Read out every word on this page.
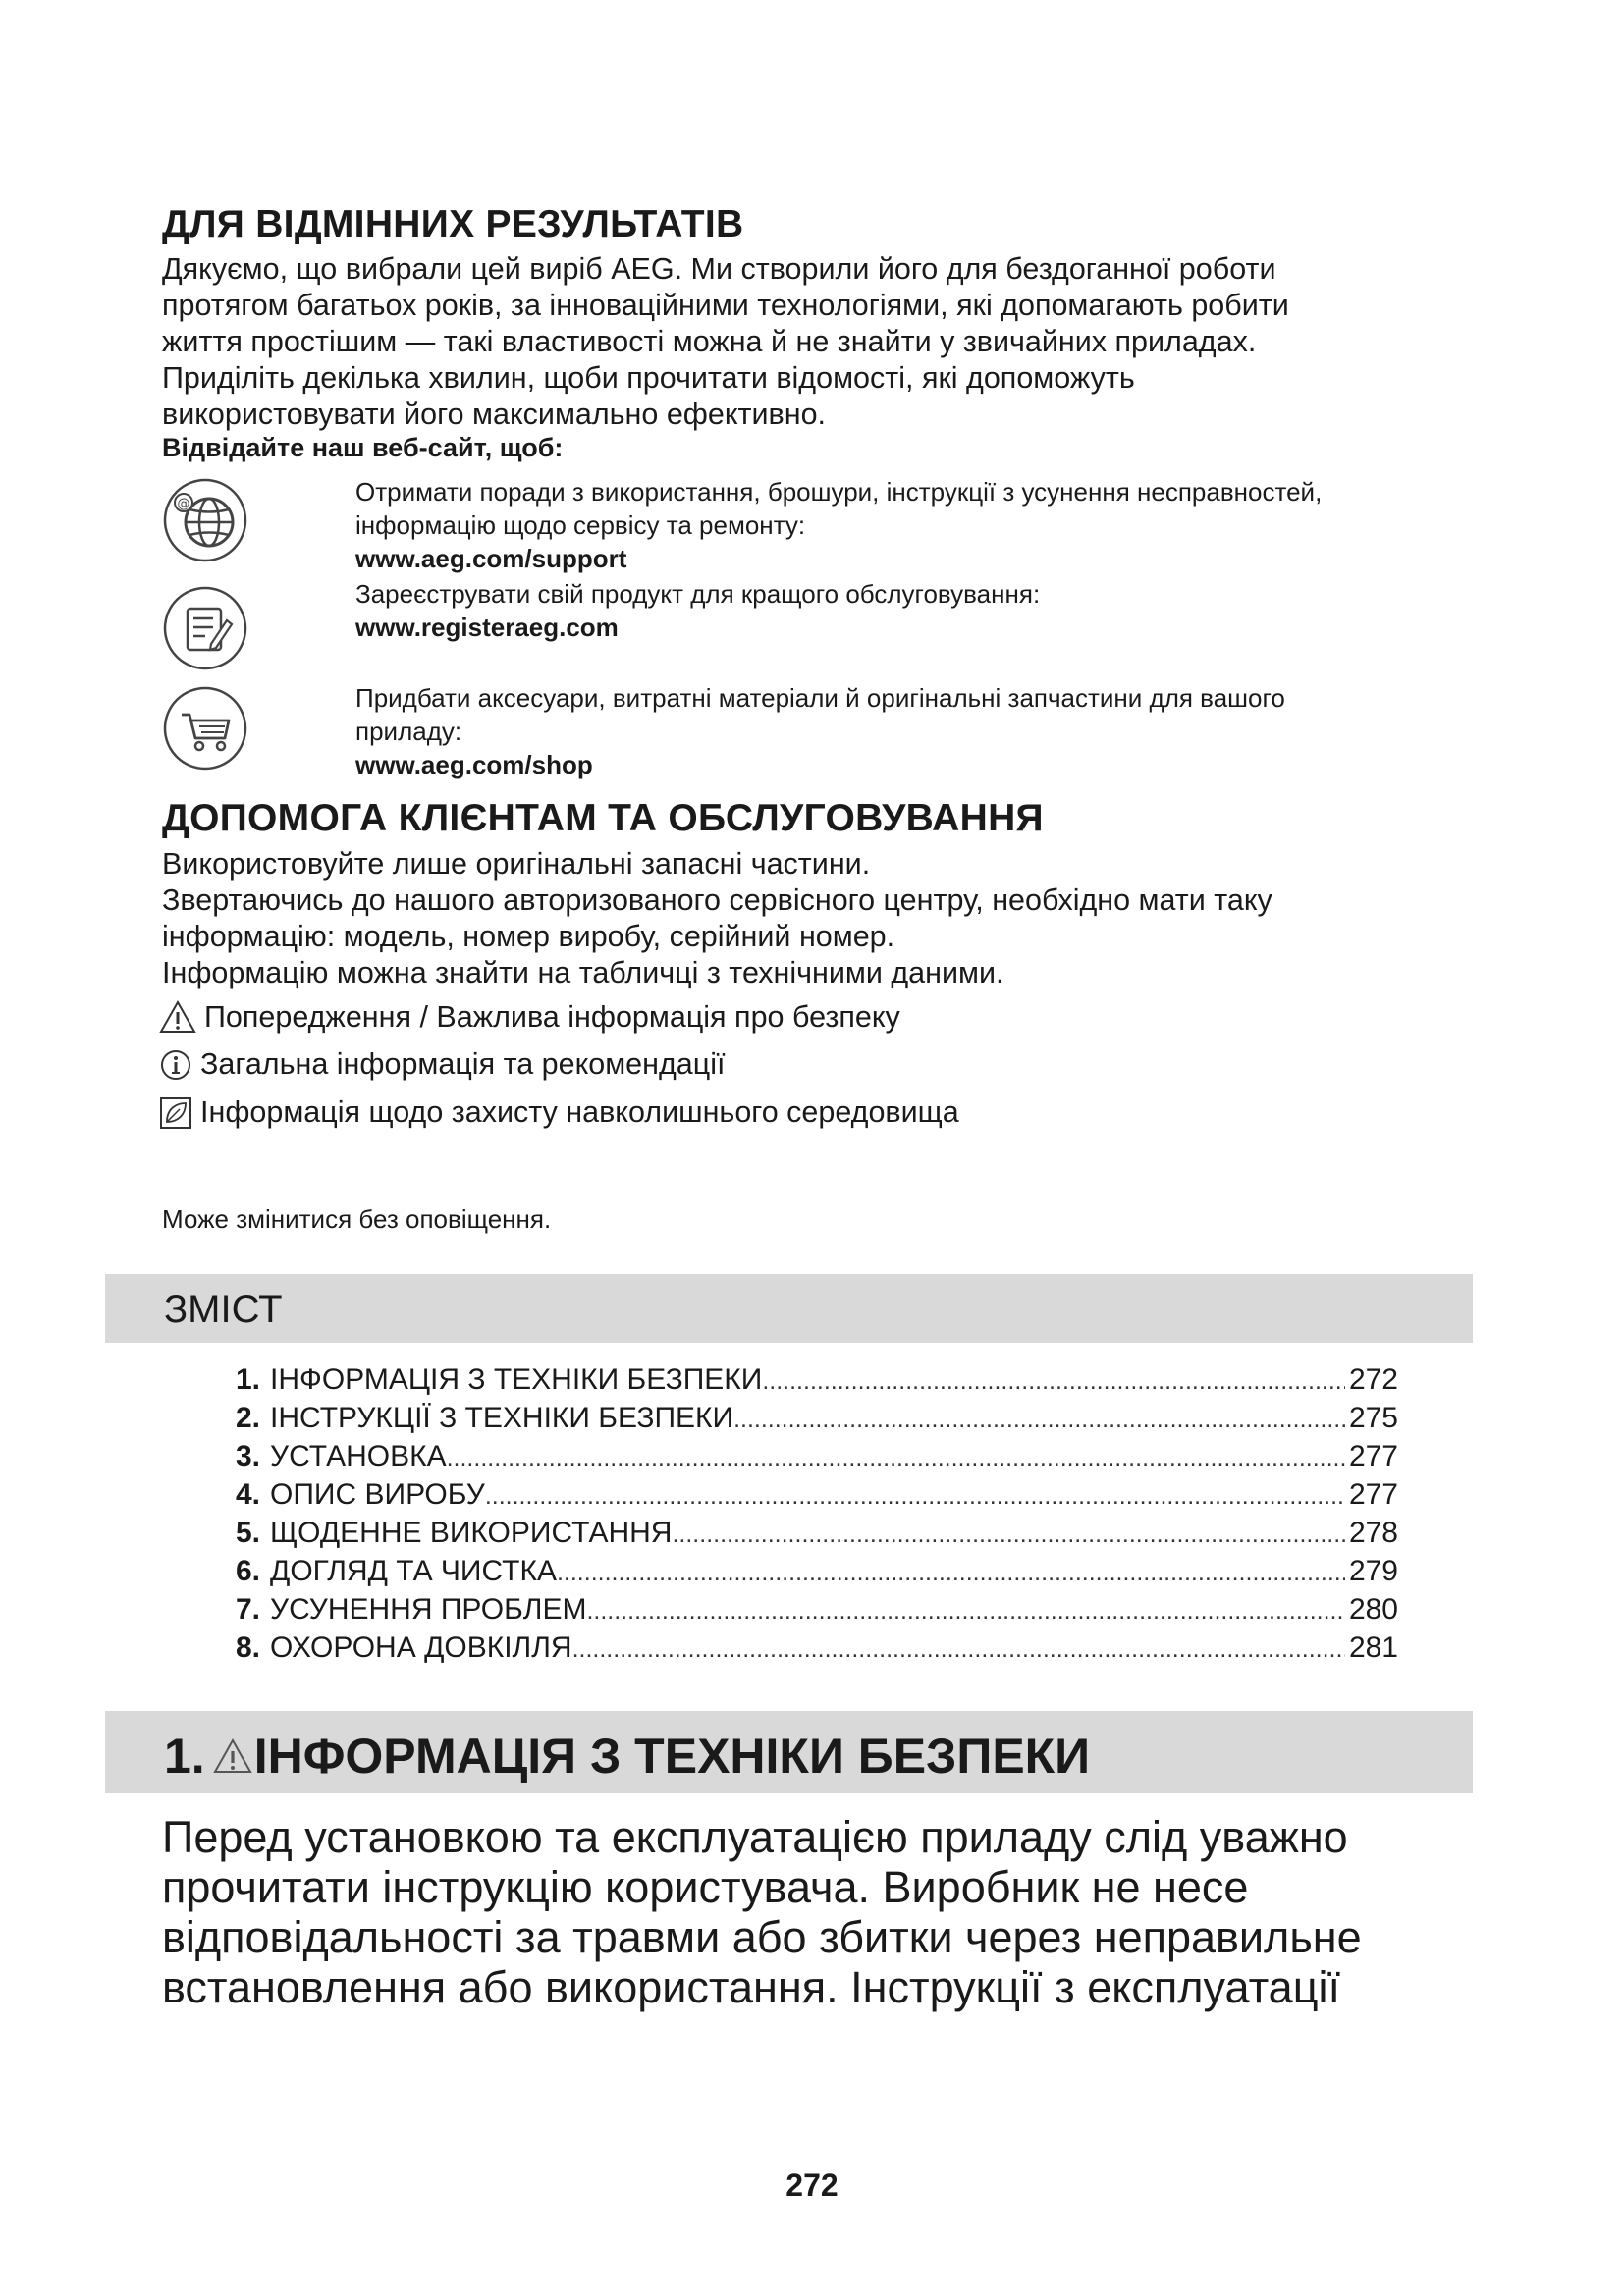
ДЛЯ ВІДМІННИХ РЕЗУЛЬТАТІВ
Дякуємо, що вибрали цей виріб AEG. Ми створили його для бездоганної роботи
протягом багатьох років, за інноваційними технологіями, які допомагають робити
життя простішим — такі властивості можна й не знайти у звичайних приладах.
Приділіть декілька хвилин, щоби прочитати відомості, які допоможуть
використовувати його максимально ефективно.
Відвідайте наш веб-сайт, щоб:
@	Отримати поради з використання, брошури, інструкції з усунення несправностей,
інформацію щодо сервісу та ремонту:
www.aeg.com/support
Зареєструвати свій продукт для кращого обслуговування:
www.registeraeg.com
Придбати аксесуари, витратні матеріали й оригінальні запчастини для вашого
приладу:
www.aeg.com/shop
ДОПОМОГА КЛІЄНТАМ ТА ОБСЛУГОВУВАННЯ
Використовуйте лише оригінальні запасні частини.
Звертаючись до нашого авторизованого сервісного центру, необхідно мати таку
інформацію: модель, номер виробу, серійний номер.
Інформацію можна знайти на табличці з технічними даними.
Попередження / Важлива інформація про безпеку
Загальна інформація та рекомендації
Інформація щодо захисту навколишнього середовища
Може змінитися без оповіщення.
ЗМІСТ
1. ІНФОРМАЦІЯ З ТЕХНІКИ БЕЗПЕКИ .....	272
2. ІНСТРУКЦІЇ З ТЕХНІКИ БЕЗПЕКИ .....	275
3. УСТАНОВКА .....	277
4. ОПИС ВИРОБУ .....	277
5. ЩОДЕННЕ ВИКОРИСТАННЯ .....	278
6. ДОГЛЯД ТА ЧИСТКА .....	279
7. УСУНЕННЯ ПРОБЛЕМ .....	280
8. ОХОРОНА ДОВКІЛЛЯ .....	281
1. ІНФОРМАЦІЯ З ТЕХНІКИ БЕЗПЕКИ
Перед установкою та експлуатацією приладу слід уважно
прочитати інструкцію користувача. Виробник не несе
відповідальності за травми або збитки через неправильне
встановлення або використання. Інструкції з експлуатації
272
